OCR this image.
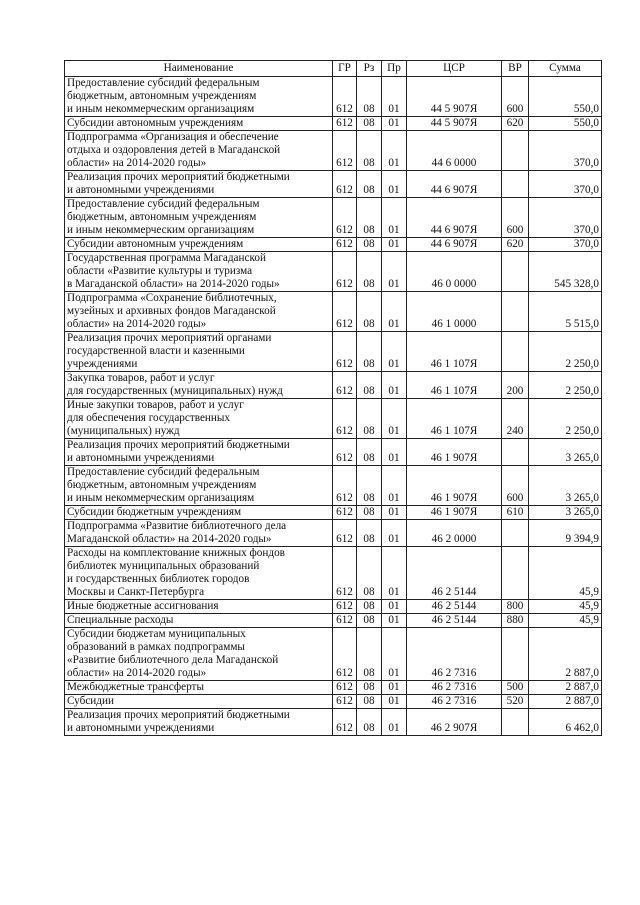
Наименование	ГР	Рз	Пр	ЦСР	ВР	Сумма

Предоставление субсидий федеральным
бюджетным, автономным учреждениям
и иным некоммерческим организациям	612	08	01	44 5 907Я	600	550,0

Субсидии автономным учреждениям	612	08	01	44 5 907Я	620	550,0

Подпрограмма «Организация и обеспечение
отдыха и оздоровления детей в Магаданской
области» на 2014-2020 годы»	612	08	01	44 6 0000		370,0

Реализация прочих мероприятий бюджетными
и автономными учреждениями	612	08	01	44 6 907Я		370,0

Предоставление субсидий федеральным
бюджетным, автономным учреждениям
и иным некоммерческим организациям	612	08	01	44 6 907Я	600	370,0

Субсидии автономным учреждениям	612	08	01	44 6 907Я	620	370,0

Государственная программа Магаданской
области «Развитие культуры и туризма
в Магаданской области» на 2014-2020 годы»	612	08	01	46 0 0000		545 328,0

Подпрограмма «Сохранение библиотечных,
музейных и архивных фондов Магаданской
области» на 2014-2020 годы»	612	08	01	46 1 0000		5 515,0

Реализация прочих мероприятий органами
государственной власти и казенными
учреждениями	612	08	01	46 1 107Я		2 250,0

Закупка товаров, работ и услуг
для государственных (муниципальных) нужд	612	08	01	46 1 107Я	200	2 250,0

Иные закупки товаров, работ и услуг
для обеспечения государственных
(муниципальных) нужд	612	08	01	46 1 107Я	240	2 250,0

Реализация прочих мероприятий бюджетными
и автономными учреждениями	612	08	01	46 1 907Я		3 265,0

Предоставление субсидий федеральным
бюджетным, автономным учреждениям
и иным некоммерческим организациям	612	08	01	46 1 907Я	600	3 265,0

Субсидии бюджетным учреждениям	612	08	01	46 1 907Я	610	3 265,0

Подпрограмма «Развитие библиотечного дела
Магаданской области» на 2014-2020 годы»	612	08	01	46 2 0000		9 394,9

Расходы на комплектование книжных фондов
библиотек муниципальных образований
и государственных библиотек городов
Москвы и Санкт-Петербурга	612	08	01	46 2 5144		45,9

Иные бюджетные ассигнования	612	08	01	46 2 5144	800	45,9

Специальные расходы	612	08	01	46 2 5144	880	45,9

Субсидии бюджетам муниципальных
образований в рамках подпрограммы
«Развитие библиотечного дела Магаданской
области» на 2014-2020 годы»	612	08	01	46 2 7316		2 887,0

Межбюджетные трансферты	612	08	01	46 2 7316	500	2 887,0

Субсидии	612	08	01	46 2 7316	520	2 887,0

Реализация прочих мероприятий бюджетными
и автономными учреждениями	612	08	01	46 2 907Я		6 462,0
